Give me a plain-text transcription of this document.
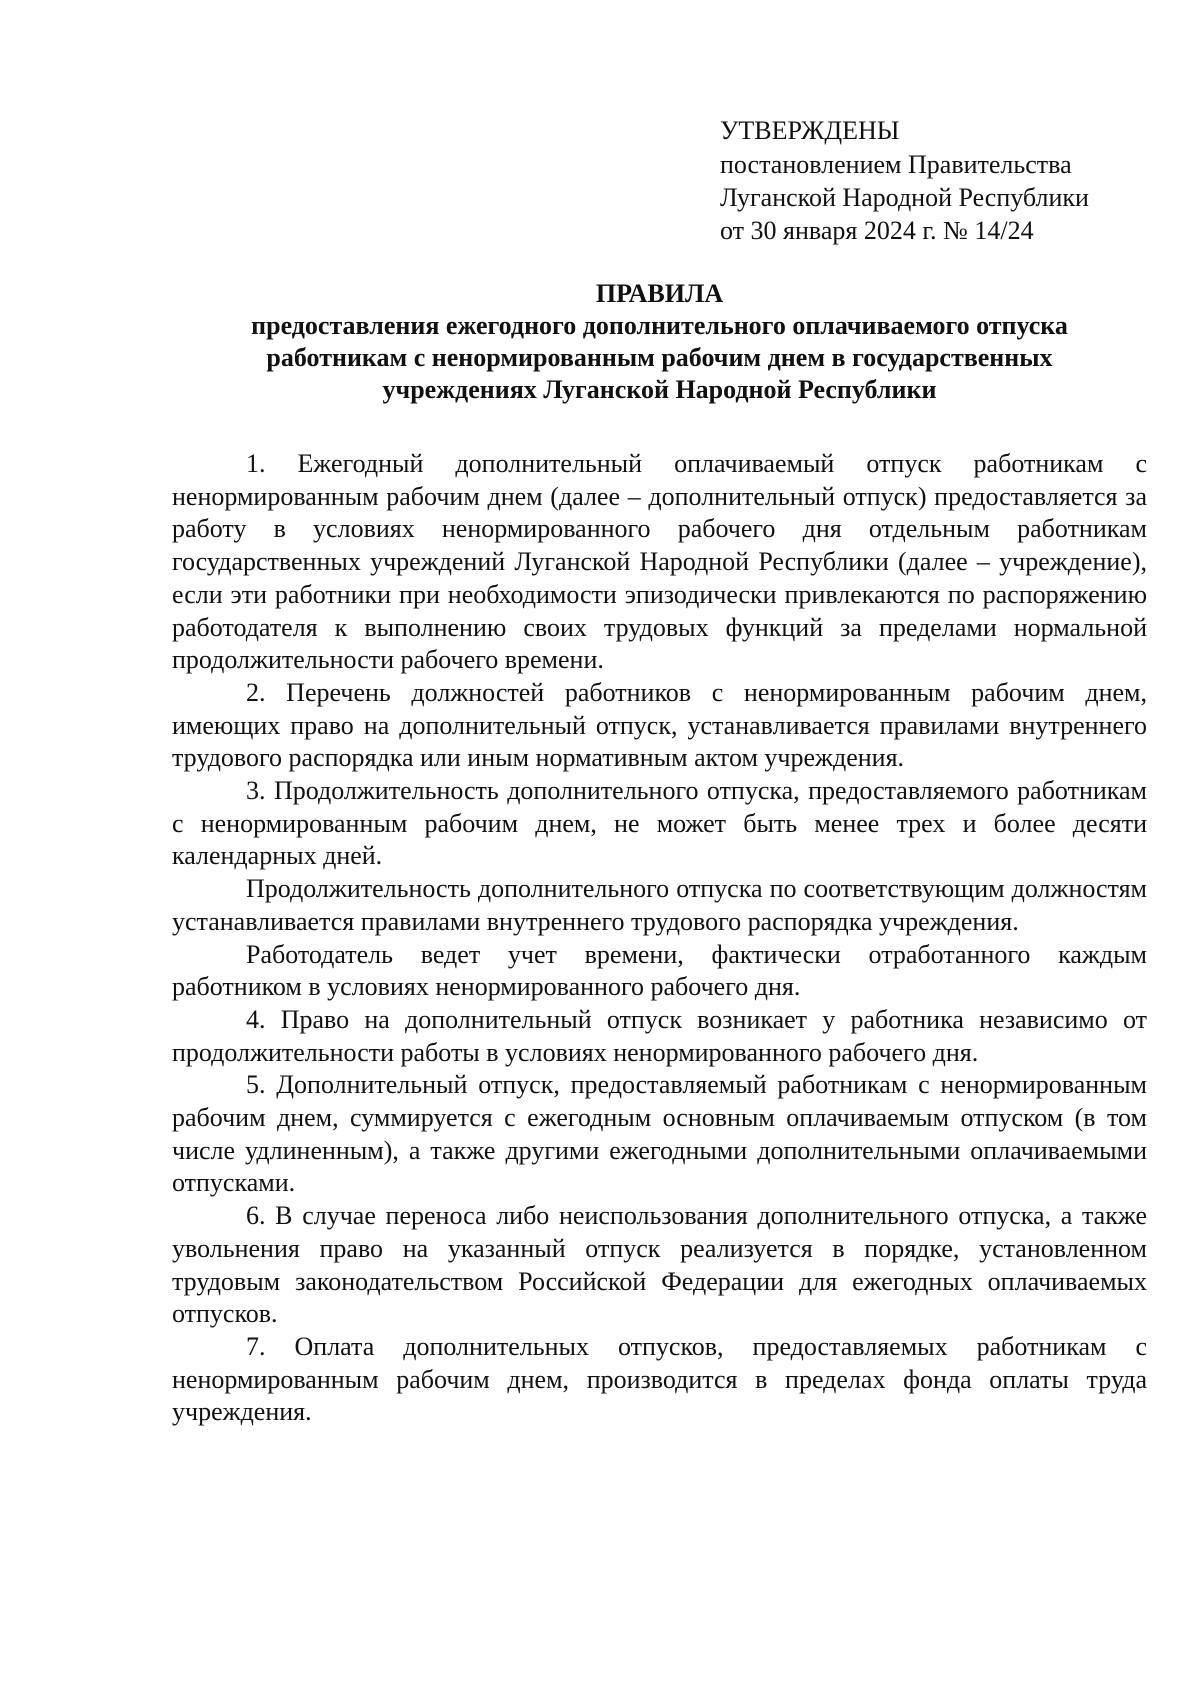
УТВЕРЖДЕНЫ
постановлением Правительства
Луганской Народной Республики
от 30 января 2024 г. № 14/24
ПРАВИЛА
предоставления ежегодного дополнительного оплачиваемого отпуска
работникам с ненормированным рабочим днем в государственных
учреждениях Луганской Народной Республики

1. Ежегодный дополнительный оплачиваемый отпуск работникам с ненормированным рабочим днем (далее – дополнительный отпуск) предоставляется за работу в условиях ненормированного рабочего дня отдельным работникам государственных учреждений Луганской Народной Республики (далее – учреждение), если эти работники при необходимости эпизодически привлекаются по распоряжению работодателя к выполнению своих трудовых функций за пределами нормальной продолжительности рабочего времени.

2. Перечень должностей работников с ненормированным рабочим днем, имеющих право на дополнительный отпуск, устанавливается правилами внутреннего трудового распорядка или иным нормативным актом учреждения.

3. Продолжительность дополнительного отпуска, предоставляемого работникам с ненормированным рабочим днем, не может быть менее трех и более десяти календарных дней.

Продолжительность дополнительного отпуска по соответствующим должностям устанавливается правилами внутреннего трудового распорядка учреждения.

Работодатель ведет учет времени, фактически отработанного каждым работником в условиях ненормированного рабочего дня.

4. Право на дополнительный отпуск возникает у работника независимо от продолжительности работы в условиях ненормированного рабочего дня.

5. Дополнительный отпуск, предоставляемый работникам с ненормированным рабочим днем, суммируется с ежегодным основным оплачиваемым отпуском (в том числе удлиненным), а также другими ежегодными дополнительными оплачиваемыми отпусками.

6. В случае переноса либо неиспользования дополнительного отпуска, а также увольнения право на указанный отпуск реализуется в порядке, установленном трудовым законодательством Российской Федерации для ежегодных оплачиваемых отпусков.

7. Оплата дополнительных отпусков, предоставляемых работникам с ненормированным рабочим днем, производится в пределах фонда оплаты труда учреждения.
